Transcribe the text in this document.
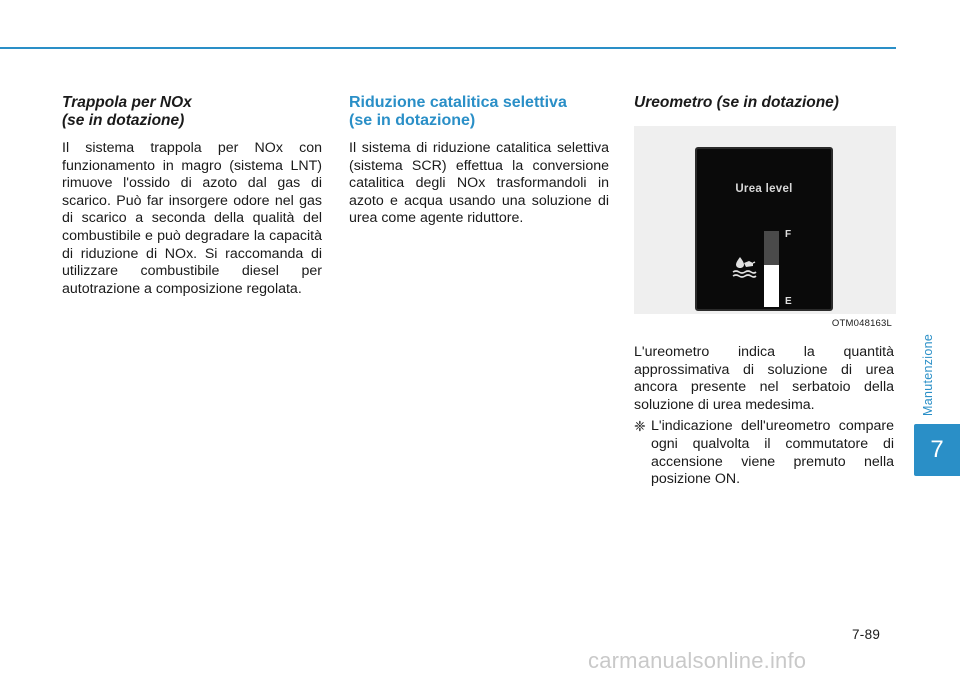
Trappola per NOx
(se in dotazione)

Il sistema trappola per NOx con funzionamento in magro (sistema LNT) rimuove l'ossido di azoto dal gas di scarico. Può far insorgere odore nel gas di scarico a seconda della qualità del combustibile e può degradare la capacità di riduzione di NOx. Si raccomanda di utilizzare combustibile diesel per autotrazione a composizione regolata.

Riduzione catalitica selettiva
(se in dotazione)

Il sistema di riduzione catalitica selettiva (sistema SCR) effettua la conversione catalitica degli NOx trasformandoli in azoto e acqua usando una soluzione di urea come agente riduttore.

Ureometro (se in dotazione)
Urea level
F
E
OTM048163L

L'ureometro indica la quantità approssimativa di soluzione di urea ancora presente nel serbatoio della soluzione di urea medesima.

❈ L'indicazione dell'ureometro compare ogni qualvolta il commutatore di accensione viene premuto nella posizione ON.

Manutenzione
7
7-89
carmanualsonline.info
